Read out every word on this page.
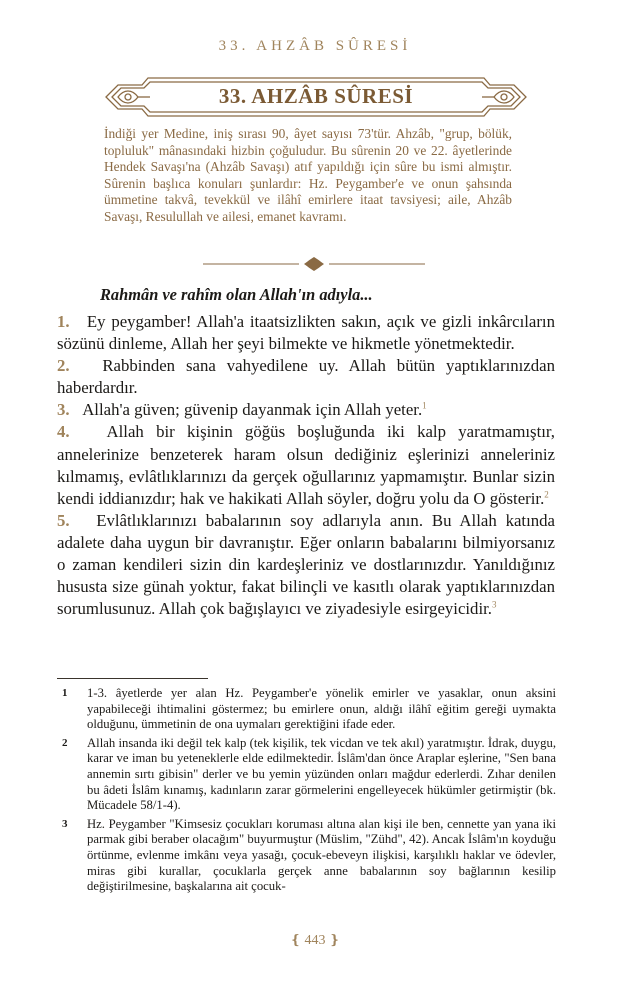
33. AHZÂB SÛRESİ
33. AHZÂB SÛRESİ
İndiği yer Medine, iniş sırası 90, âyet sayısı 73'tür. Ahzâb, "grup, bölük, topluluk" mânasındaki hizbin çoğuludur. Bu sûrenin 20 ve 22. âyetlerinde Hendek Savaşı'na (Ahzâb Savaşı) atıf yapıldığı için sûre bu ismi almıştır. Sûrenin başlıca konuları şunlardır: Hz. Peygamber'e ve onun şahsında ümmetine takvâ, tevekkül ve ilâhî emirlere itaat tavsiyesi; aile, Ahzâb Savaşı, Resulullah ve ailesi, emanet kavramı.
Rahmân ve rahîm olan Allah'ın adıyla...

1. Ey peygamber! Allah'a itaatsizlikten sakın, açık ve gizli inkârcıların sözünü dinleme, Allah her şeyi bilmekte ve hikmetle yönetmektedir.

2. Rabbinden sana vahyedilene uy. Allah bütün yaptıklarınızdan haberdardır.

3. Allah'a güven; güvenip dayanmak için Allah yeter.$^1$

4. Allah bir kişinin göğüs boşluğunda iki kalp yaratmamıştır, annelerinize benzeterek haram olsun dediğiniz eşlerinizi anneleriniz kılmamış, evlâtlıklarınızı da gerçek oğullarınız yapmamıştır. Bunlar sizin kendi iddianızdır; hak ve hakikati Allah söyler, doğru yolu da O gösterir.$^2$

5. Evlâtlıklarınızı babalarının soy adlarıyla anın. Bu Allah katında adalete daha uygun bir davranıştır. Eğer onların babalarını bilmiyorsanız o zaman kendileri sizin din kardeşleriniz ve dostlarınızdır. Yanıldığınız hususta size günah yoktur, fakat bilinçli ve kasıtlı olarak yaptıklarınızdan sorumlusunuz. Allah çok bağışlayıcı ve ziyadesiyle esirgeyicidir.$^3$

1 1-3. âyetlerde yer alan Hz. Peygamber'e yönelik emirler ve yasaklar, onun aksini yapabileceği ihtimalini göstermez; bu emirlere onun, aldığı ilâhî eğitim gereği uymakta olduğunu, ümmetinin de ona uymaları gerektiğini ifade eder.

2 Allah insanda iki değil tek kalp (tek kişilik, tek vicdan ve tek akıl) yaratmıştır. İdrak, duygu, karar ve iman bu yeteneklerle elde edilmektedir. İslâm'dan önce Araplar eşlerine, "Sen bana annemin sırtı gibisin" derler ve bu yemin yüzünden onları mağdur ederlerdi. Zıhar denilen bu âdeti İslâm kınamış, kadınların zarar görmelerini engelleyecek hükümler getirmiştir (bk. Mücadele 58/1-4).

3 Hz. Peygamber "Kimsesiz çocukları koruması altına alan kişi ile ben, cennette yan yana iki parmak gibi beraber olacağım" buyurmuştur (Müslim, "Zühd", 42). Ancak İslâm'ın koyduğu örtünme, evlenme imkânı veya yasağı, çocuk-ebeveyn ilişkisi, karşılıklı haklar ve ödevler, miras gibi kurallar, çocuklarla gerçek anne babalarının soy bağlarının kesilip değiştirilmesine, başkalarına ait çocuk-

❴ 443 ❵
